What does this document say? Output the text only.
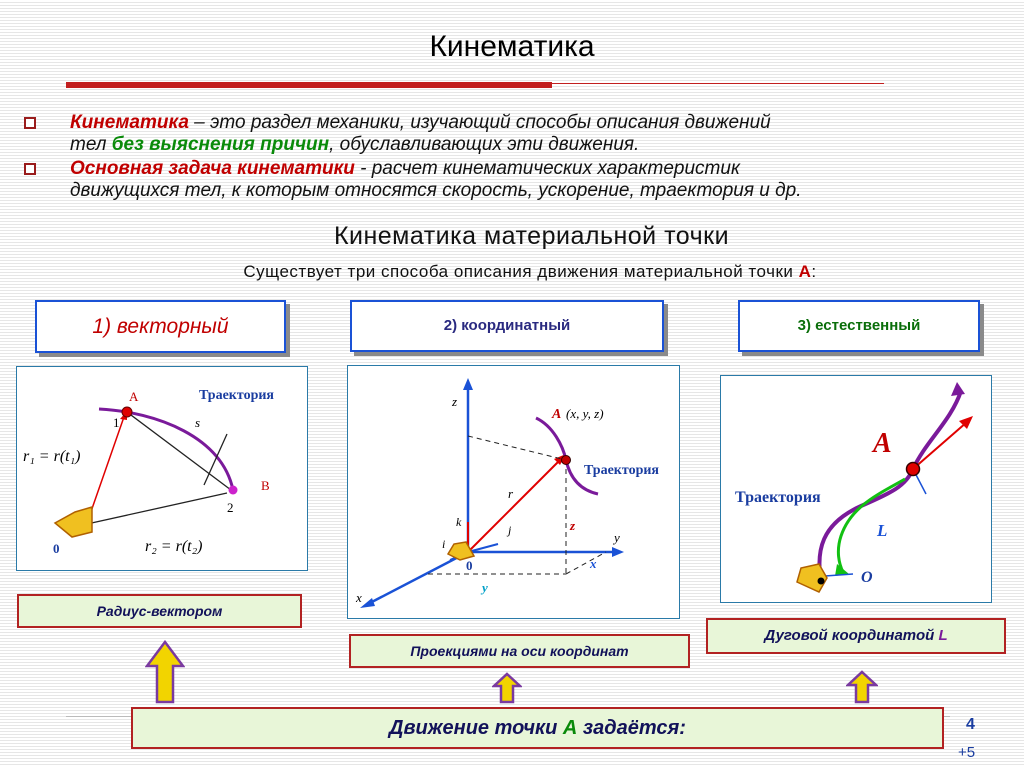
Кинематика
Кинематика – это раздел механики, изучающий способы описания движений
тел без выяснения причин, обуславливающих эти движения.
Основная задача кинематики - расчет кинематических характеристик
движущихся тел, к которым относятся скорость, ускорение, траектория и др.
Кинематика материальной точки
Существует три способа описания движения материальной точки А:
1) векторный	2) координатный	3) естественный
A
B
1
2
s
0
Траектория
r₁ = r(t₁)
r₂ = r(t₂)
z
y
x
0
y
x
z
A (x, y, z)
r
i
j
k
Траектория
A
L
O
Траектория
Радиус-вектором
Проекциями на оси координат
Дуговой координатой L
Движение точки А задаётся:	4
+5
